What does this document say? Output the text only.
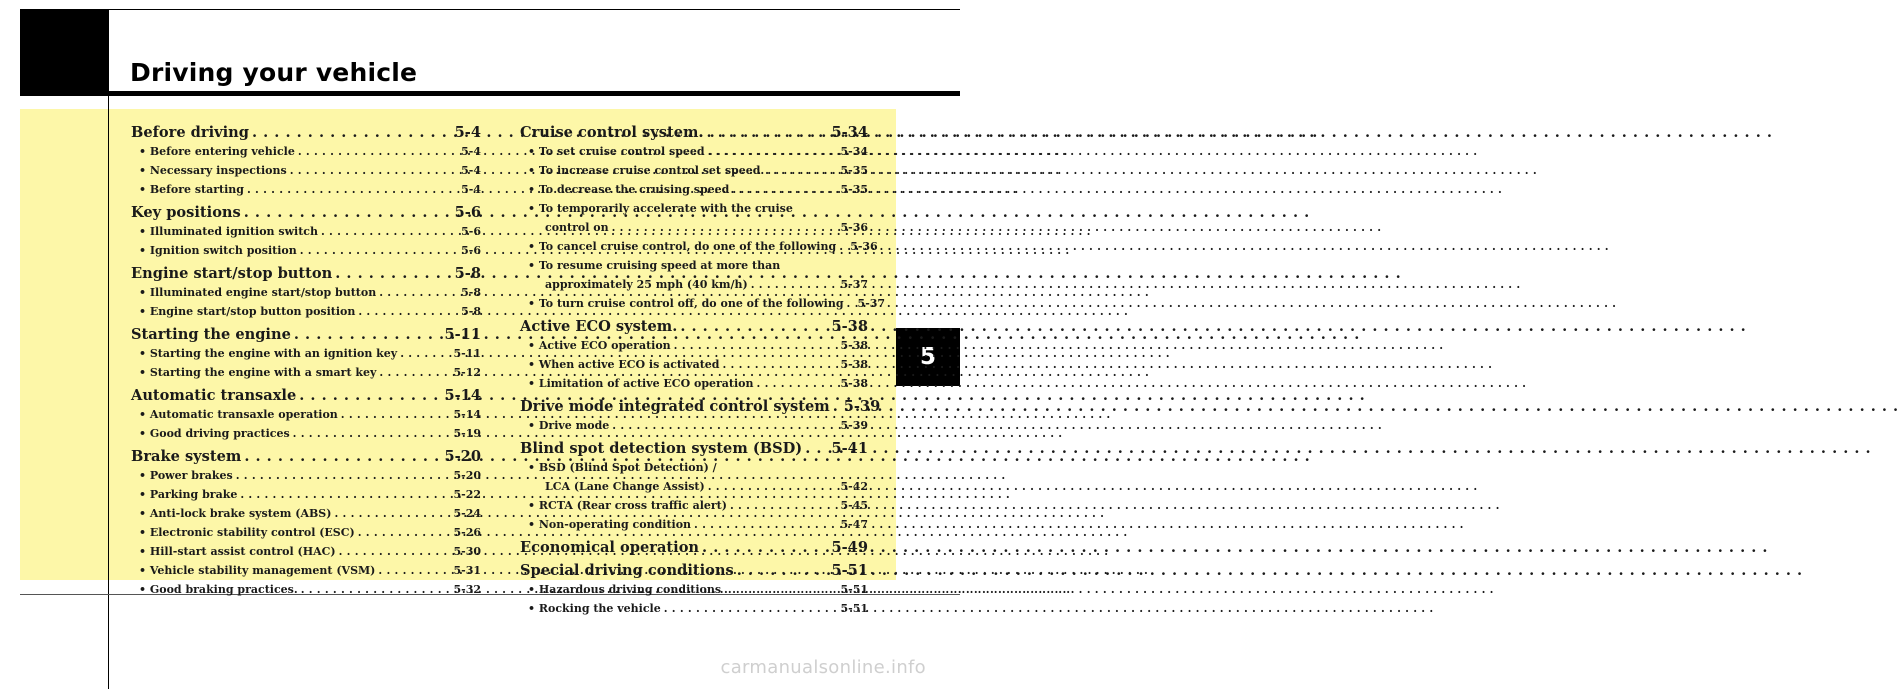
Driving your vehicle
5
Before driving . . .	5-4
• Before entering vehicle . . .	5-4
• Necessary inspections . . .	5-4
• Before starting . . .	5-4
Key positions . . .	5-6
• Illuminated ignition switch . . .	5-6
• Ignition switch position . . .	5-6
Engine start/stop button . . .	5-8
• Illuminated engine start/stop button . . .	5-8
• Engine start/stop button position . . .	5-8
Starting the engine . . .	5-11
• Starting the engine with an ignition key . . .	5-11
• Starting the engine with a smart key . . .	5-12
Automatic transaxle . . .	5-14
• Automatic transaxle operation . . .	5-14
• Good driving practices . . .	5-19
Brake system . . .	5-20
• Power brakes . . .	5-20
• Parking brake . . .	5-22
• Anti-lock brake system (ABS) . . .	5-24
• Electronic stability control (ESC) . . .	5-26
• Hill-start assist control (HAC) . . .	5-30
• Vehicle stability management (VSM) . . .	5-31
• Good braking practices. . . .	5-32
Cruise control system. . . .	5-34
• To set cruise control speed . . .	5-34
• To increase cruise control set speed. . . .	5-35
• To decrease the cruising speed . . .	5-35
• To temporarily accelerate with the cruise
control on . . .	5-36
• To cancel cruise control, do one of the following . . . 5-36
• To resume cruising speed at more than
approximately 25 mph (40 km/h) . . .	5-37
• To turn cruise control off, do one of the following . . . 5-37
Active ECO system. . . .	5-38
• Active ECO operation . . .	5-38
• When active ECO is activated . . .	5-38
• Limitation of active ECO operation . . .	5-38
Drive mode integrated control system . . . 5-39
• Drive mode . . .	5-39
Blind spot detection system (BSD) . . . 5-41
• BSD (Blind Spot Detection) /
LCA (Lane Change Assist) . . .	5-42
• RCTA (Rear cross traffic alert) . . .	5-45
• Non-operating condition . . .	5-47
Economical operation . . .	5-49
Special driving conditions . . .	5-51
• Hazardous driving conditions . . .	5-51
• Rocking the vehicle . . .	5-51
carmanualsonline.info
